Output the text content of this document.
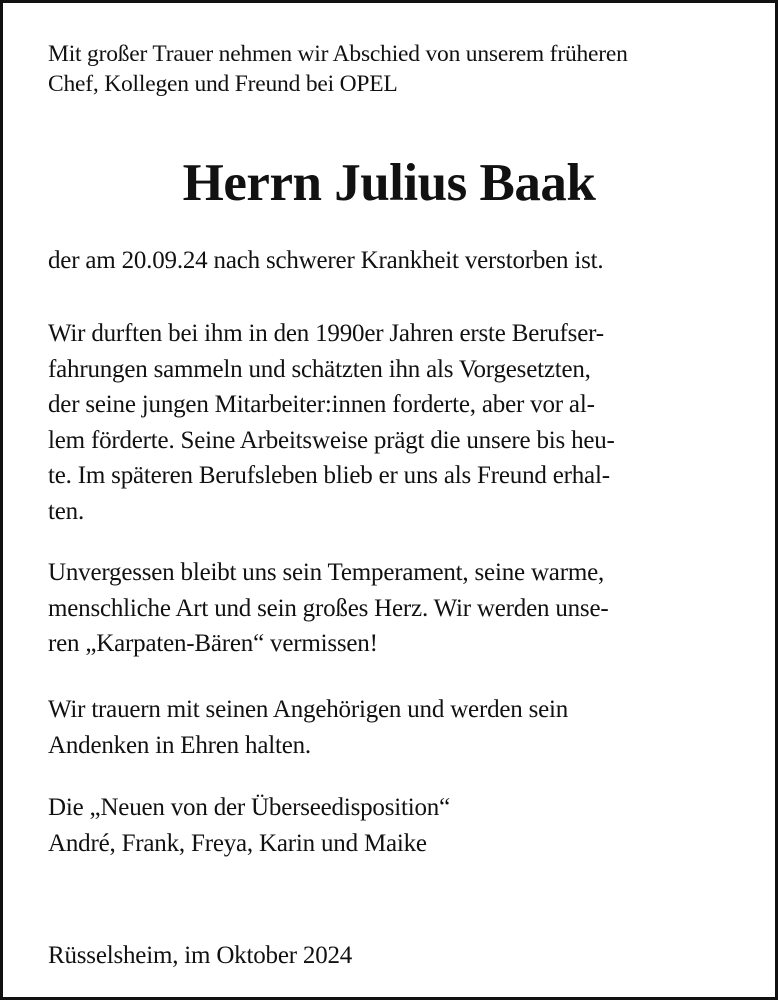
Mit großer Trauer nehmen wir Abschied von unserem früheren
Chef, Kollegen und Freund bei OPEL

Herrn Julius Baak

der am 20.09.24 nach schwerer Krankheit verstorben ist.

Wir durften bei ihm in den 1990er Jahren erste Berufser-
fahrungen sammeln und schätzten ihn als Vorgesetzten,
der seine jungen Mitarbeiter:innen forderte, aber vor al-
lem förderte. Seine Arbeitsweise prägt die unsere bis heu-
te. Im späteren Berufsleben blieb er uns als Freund erhal-
ten.

Unvergessen bleibt uns sein Temperament, seine warme,
menschliche Art und sein großes Herz. Wir werden unse-
ren „Karpaten-Bären“ vermissen!

Wir trauern mit seinen Angehörigen und werden sein
Andenken in Ehren halten.

Die „Neuen von der Überseedisposition“
André, Frank, Freya, Karin und Maike

Rüsselsheim, im Oktober 2024
